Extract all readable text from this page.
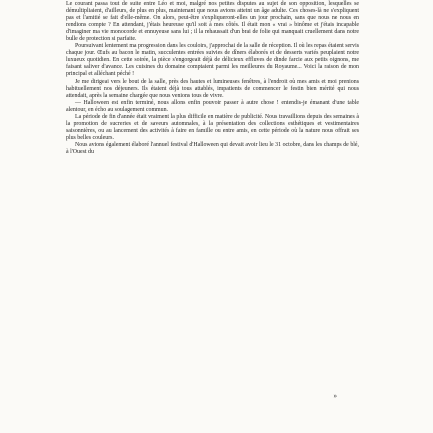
Le courant passa tout de suite entre Léo et moi, malgré nos petites disputes au sujet de son opposition, lesquelles se démultipliaient, d'ailleurs, de plus en plus, maintenant que nous avions atteint un âge adulte. Ces choses-là ne s'expliquent pas et l'amitié se fait d'elle-même. On alors, peut-être s'expliqueront-elles un jour prochain, sans que nous ne nous en rendions compte ? En attendant, j'étais heureuse qu'il soit à mes côtés. Il était mon « vrai » binôme et j'étais incapable d'imaginer ma vie monocorde et ennuyeuse sans lui ; il la rehaussait d'un brai de folie qui manquait cruellement dans notre bulle de protection si parfaite.

Poursuivant lentement ma progression dans les couloirs, j'approchai de la salle de réception. Il où les repas étaient servis chaque jour. Œufs au bacon le matin, succulentes entrées suivies de dîners élaborés et de desserts variés peuplaient notre luxueux quotidien. En cette soirée, la pièce s'engorgeait déjà de délicieux effluves de dinde farcie aux petits oignons, me faisant saliver d'avance. Les cuisines du domaine comptaient parmi les meilleures du Royaume... Voici la raison de mon principal et alléchant péché !

Je me dirigeai vers le bout de la salle, près des hautes et lumineuses fenêtres, à l'endroit où mes amis et moi prenions habituellement nos déjeuners. Ils étaient déjà tous attablés, impatients de commencer le festin bien mérité qui nous attendait, après la semaine chargée que nous venions tous de vivre.

— Halloween est enfin terminé, nous allons enfin pouvoir passer à autre chose ! entendis-je émanant d'une table alentour, en écho au soulagement commun.

La période de fin d'année était vraiment la plus difficile en matière de publicité. Nous travaillions depuis des semaines à la promotion de sucreries et de saveurs automnales, à la présentation des collections esthétiques et vestimentaires saisonnières, ou au lancement des activités à faire en famille ou entre amis, en cette période où la nature nous offrait ses plus belles couleurs.

Nous avions également élaboré l'annuel festival d'Halloween qui devait avoir lieu le 31 octobre, dans les champs de blé, à l'Ouest du

»
